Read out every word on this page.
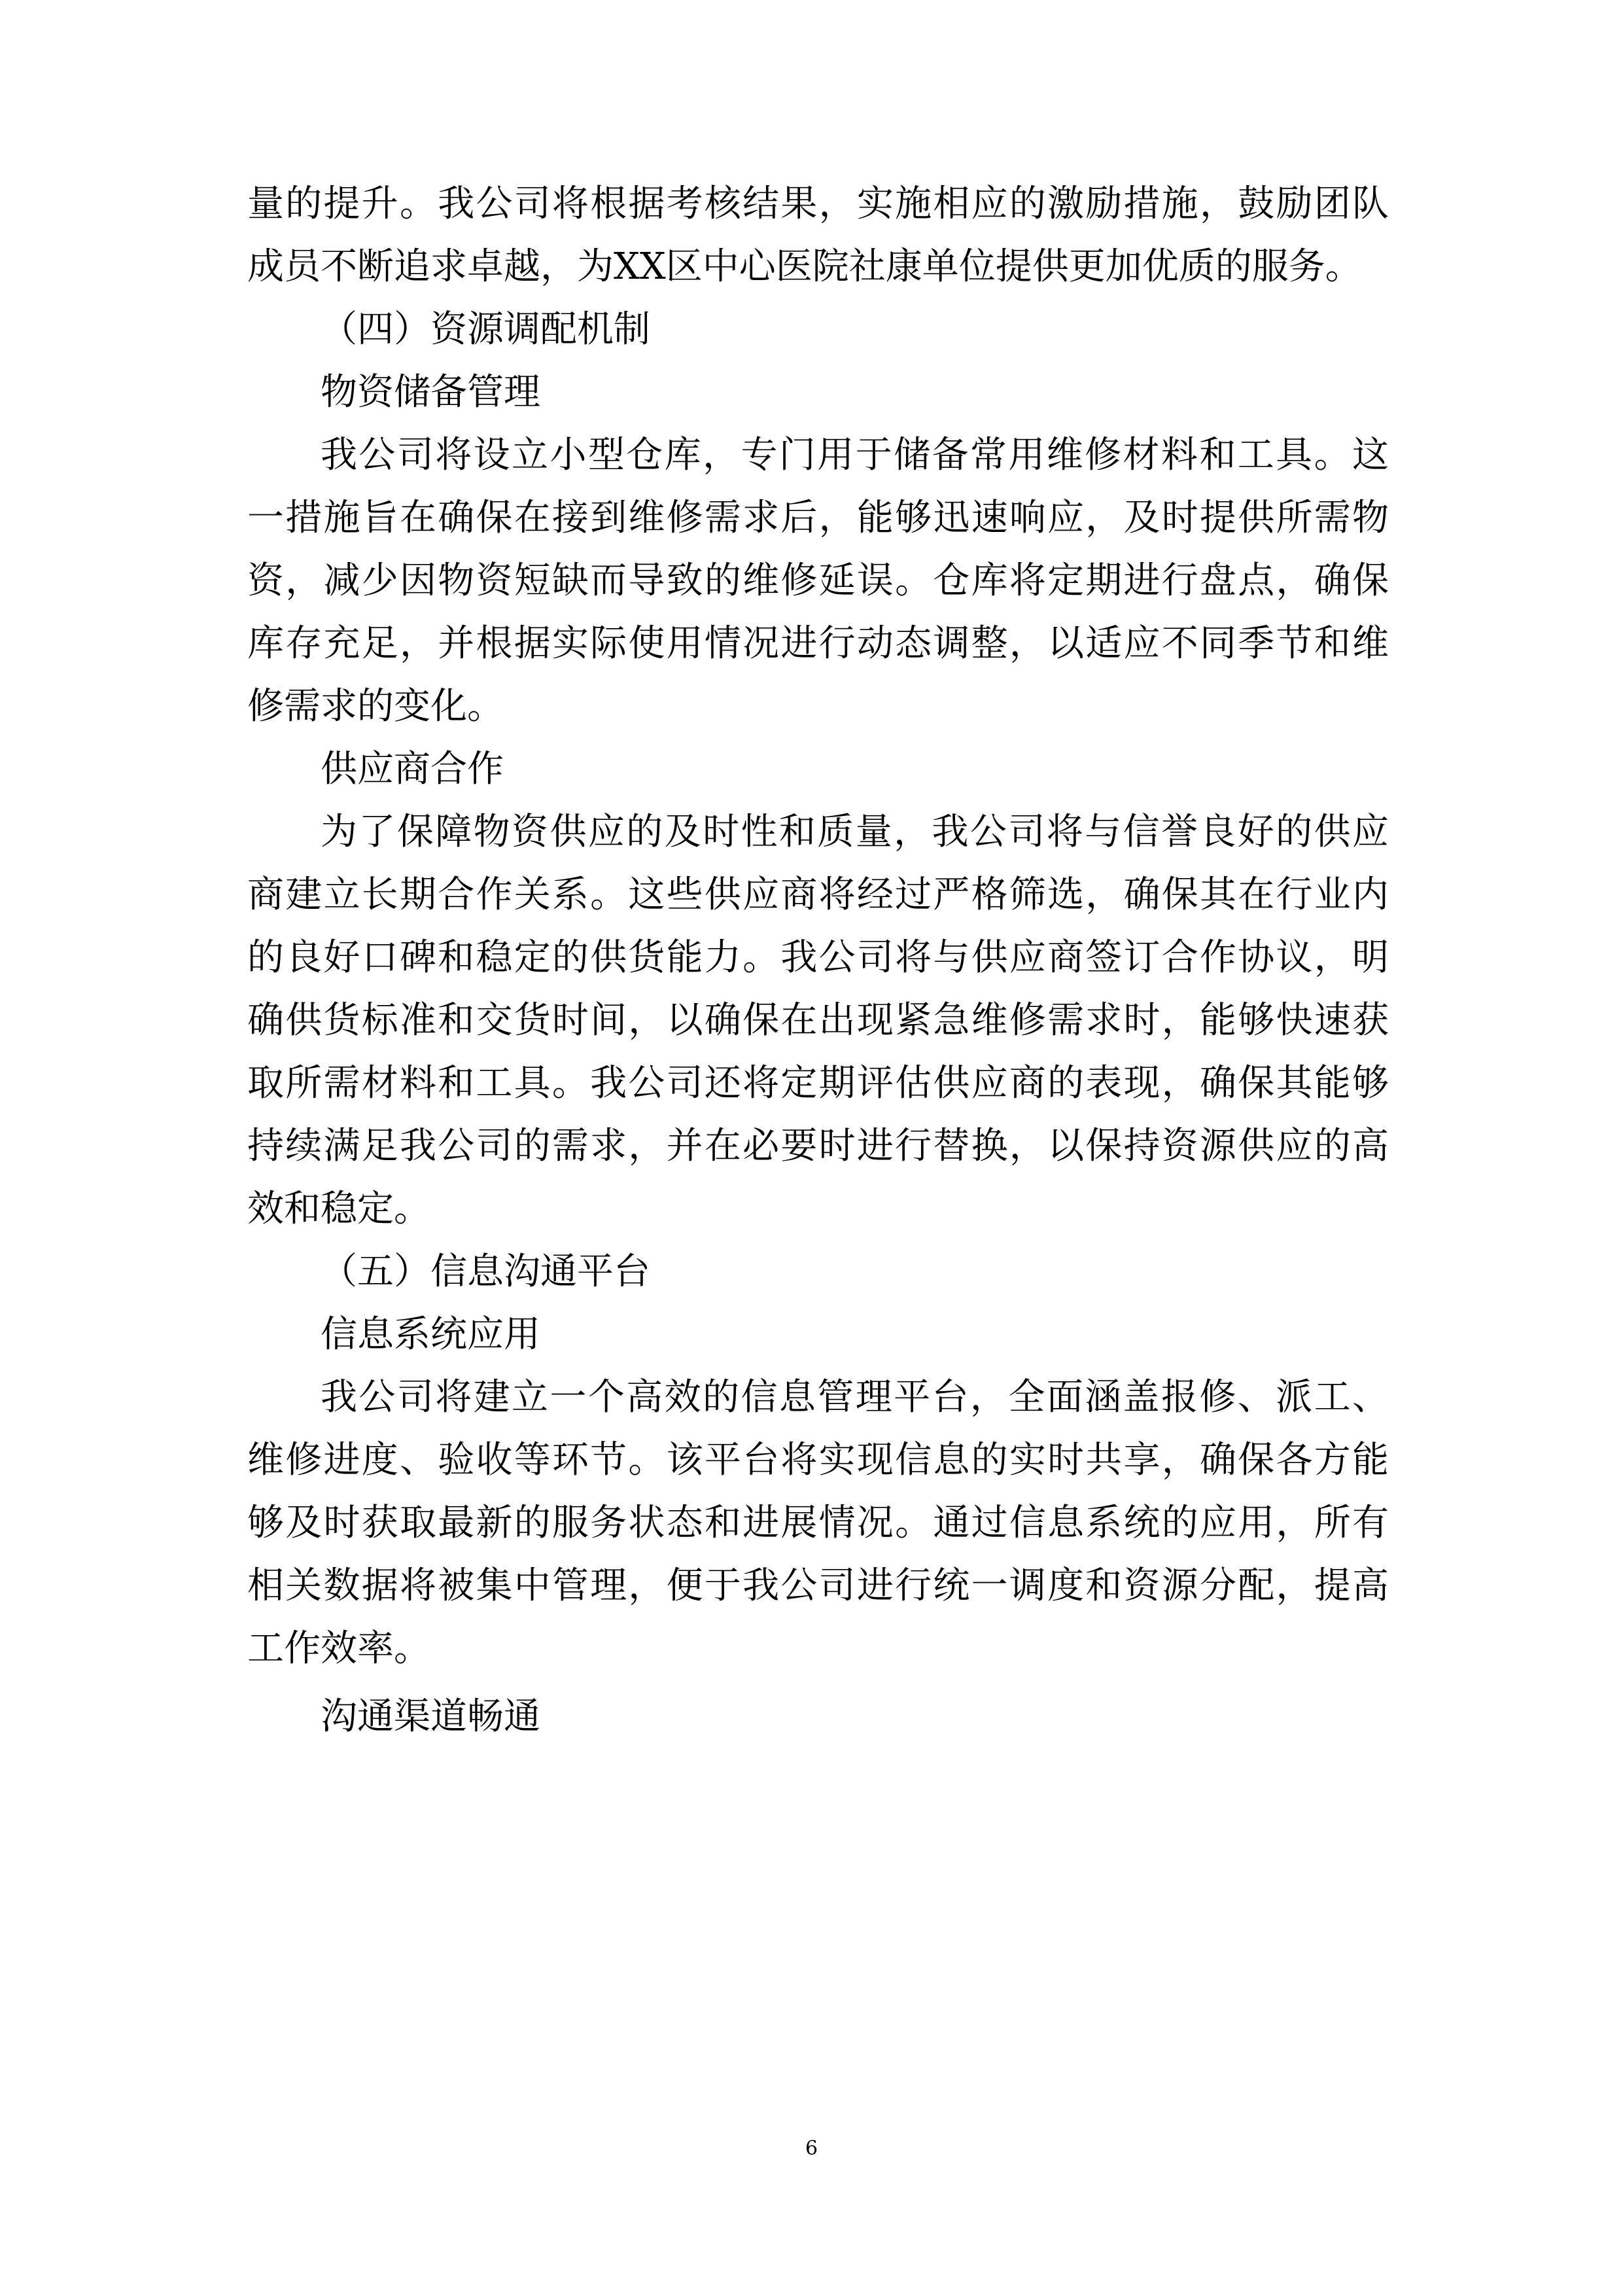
量的提升。我公司将根据考核结果，实施相应的激励措施，鼓励团队
成员不断追求卓越，为XX区中心医院社康单位提供更加优质的服务。
（四）资源调配机制
物资储备管理
我公司将设立小型仓库，专门用于储备常用维修材料和工具。这
一措施旨在确保在接到维修需求后，能够迅速响应，及时提供所需物
资，减少因物资短缺而导致的维修延误。仓库将定期进行盘点，确保
库存充足，并根据实际使用情况进行动态调整，以适应不同季节和维
修需求的变化。
供应商合作
为了保障物资供应的及时性和质量，我公司将与信誉良好的供应
商建立长期合作关系。这些供应商将经过严格筛选，确保其在行业内
的良好口碑和稳定的供货能力。我公司将与供应商签订合作协议，明
确供货标准和交货时间，以确保在出现紧急维修需求时，能够快速获
取所需材料和工具。我公司还将定期评估供应商的表现，确保其能够
持续满足我公司的需求，并在必要时进行替换，以保持资源供应的高
效和稳定。
（五）信息沟通平台
信息系统应用
我公司将建立一个高效的信息管理平台，全面涵盖报修、派工、
维修进度、验收等环节。该平台将实现信息的实时共享，确保各方能
够及时获取最新的服务状态和进展情况。通过信息系统的应用，所有
相关数据将被集中管理，便于我公司进行统一调度和资源分配，提高
工作效率。
沟通渠道畅通
6
